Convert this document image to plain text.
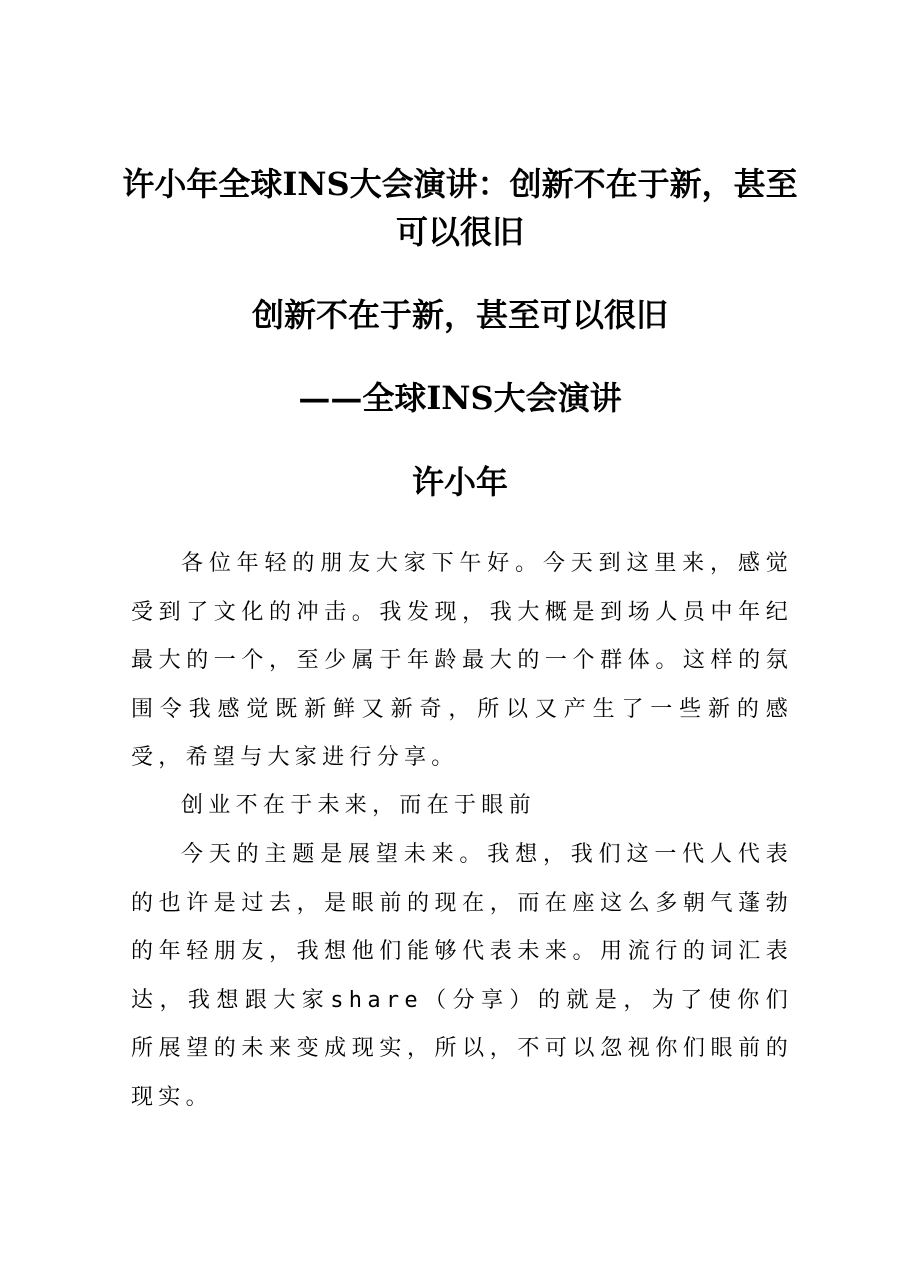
许小年全球INS大会演讲：创新不在于新，甚至可以很旧
创新不在于新，甚至可以很旧
——全球INS大会演讲
许小年

各位年轻的朋友大家下午好。今天到这里来，感觉受到了文化的冲击。我发现，我大概是到场人员中年纪最大的一个，至少属于年龄最大的一个群体。这样的氛围令我感觉既新鲜又新奇，所以又产生了一些新的感受，希望与大家进行分享。

创业不在于未来，而在于眼前

今天的主题是展望未来。我想，我们这一代人代表的也许是过去，是眼前的现在，而在座这么多朝气蓬勃的年轻朋友，我想他们能够代表未来。用流行的词汇表达，我想跟大家share（分享）的就是，为了使你们所展望的未来变成现实，所以，不可以忽视你们眼前的现实。
